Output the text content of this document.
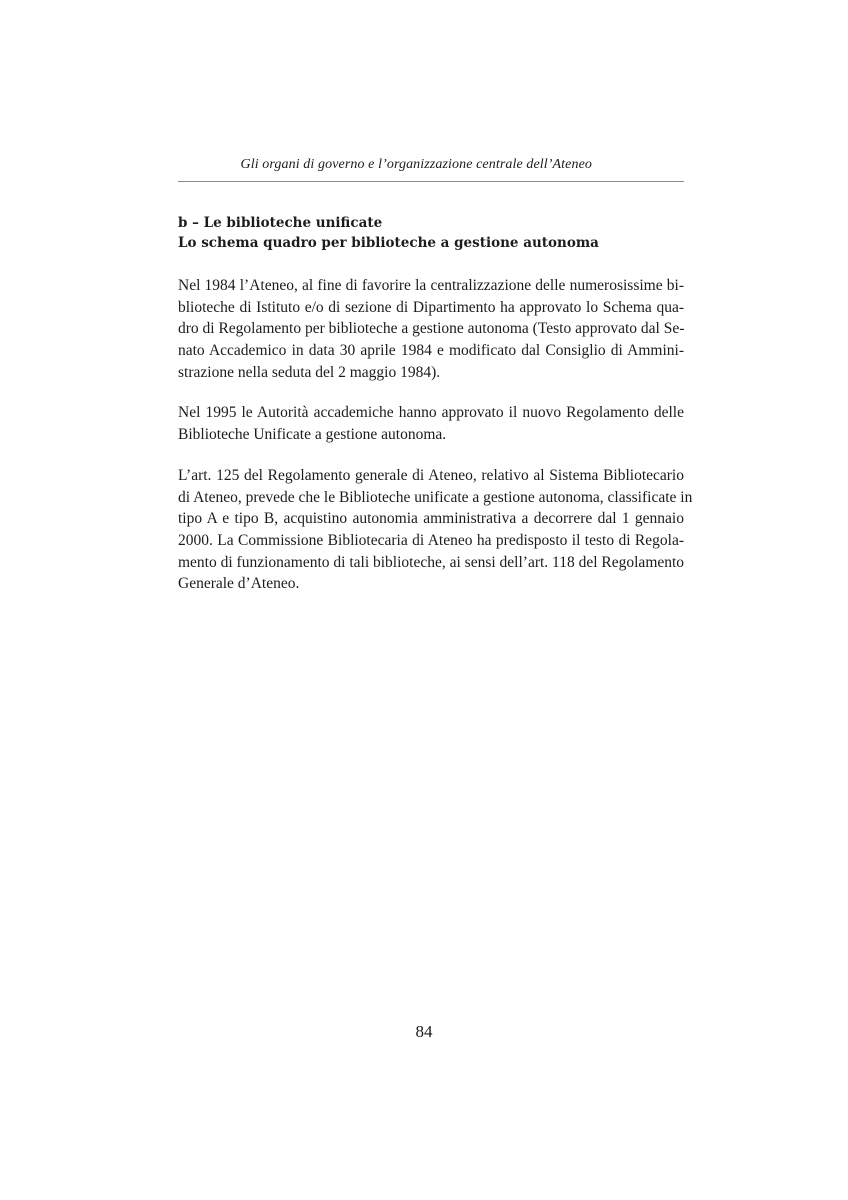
Gli organi di governo e l’organizzazione centrale dell’Ateneo
b – Le biblioteche unificate
Lo schema quadro per biblioteche a gestione autonoma
Nel 1984 l’Ateneo, al fine di favorire la centralizzazione delle numerosissime bi-
blioteche di Istituto e/o di sezione di Dipartimento ha approvato lo Schema qua-
dro di Regolamento per biblioteche a gestione autonoma (Testo approvato dal Se-
nato Accademico in data 30 aprile 1984 e modificato dal Consiglio di Ammini-
strazione nella seduta del 2 maggio 1984).
Nel 1995 le Autorità accademiche hanno approvato il nuovo Regolamento delle
Biblioteche Unificate a gestione autonoma.
L’art. 125 del Regolamento generale di Ateneo, relativo al Sistema Bibliotecario
di Ateneo, prevede che le Biblioteche unificate a gestione autonoma, classificate in
tipo A e tipo B, acquistino autonomia amministrativa a decorrere dal 1 gennaio
2000. La Commissione Bibliotecaria di Ateneo ha predisposto il testo di Regola-
mento di funzionamento di tali biblioteche, ai sensi dell’art. 118 del Regolamento
Generale d’Ateneo.
84
